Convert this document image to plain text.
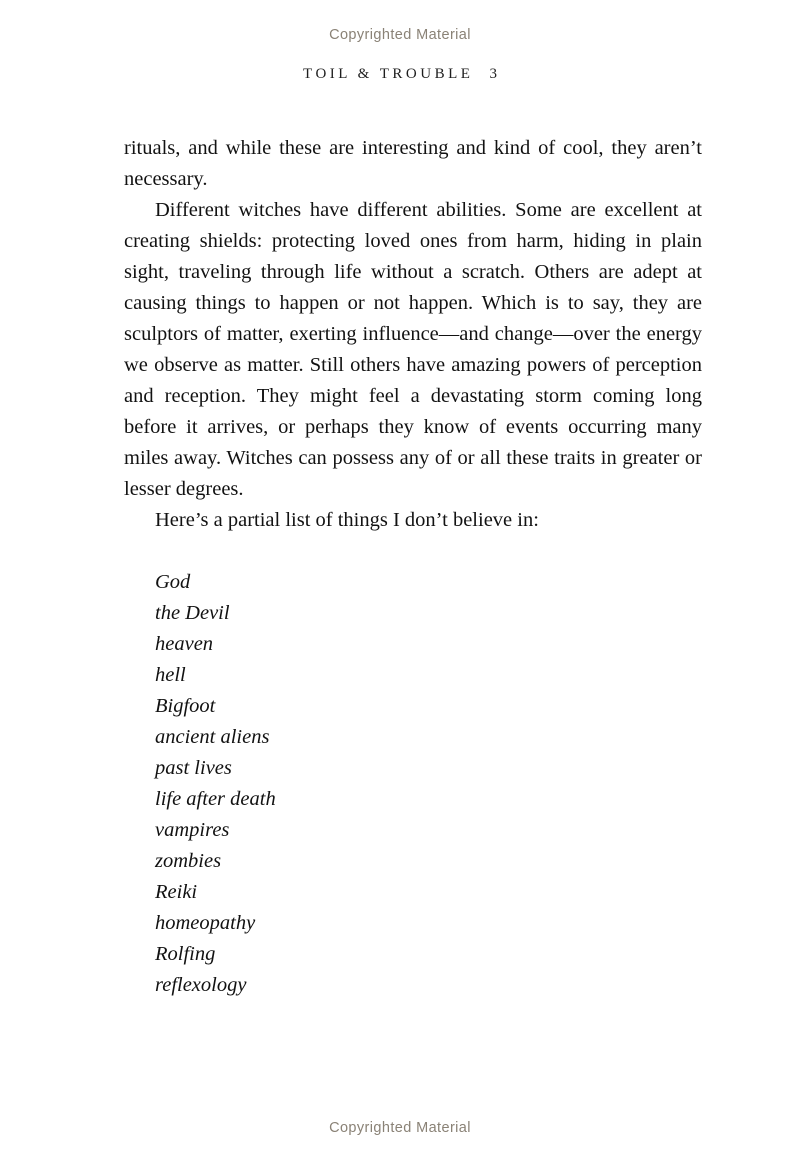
Copyrighted Material
TOIL & TROUBLE 3

rituals, and while these are interesting and kind of cool, they aren’t necessary.

Different witches have different abilities. Some are excellent at creating shields: protecting loved ones from harm, hiding in plain sight, traveling through life without a scratch. Others are adept at causing things to happen or not happen. Which is to say, they are sculptors of matter, exerting influence—and change—over the energy we observe as matter. Still others have amazing powers of perception and reception. They might feel a devastating storm coming long before it arrives, or perhaps they know of events occurring many miles away. Witches can possess any of or all these traits in greater or lesser degrees.

Here’s a partial list of things I don’t believe in:

God
the Devil
heaven
hell
Bigfoot
ancient aliens
past lives
life after death
vampires
zombies
Reiki
homeopathy
Rolfing
reflexology
Copyrighted Material
